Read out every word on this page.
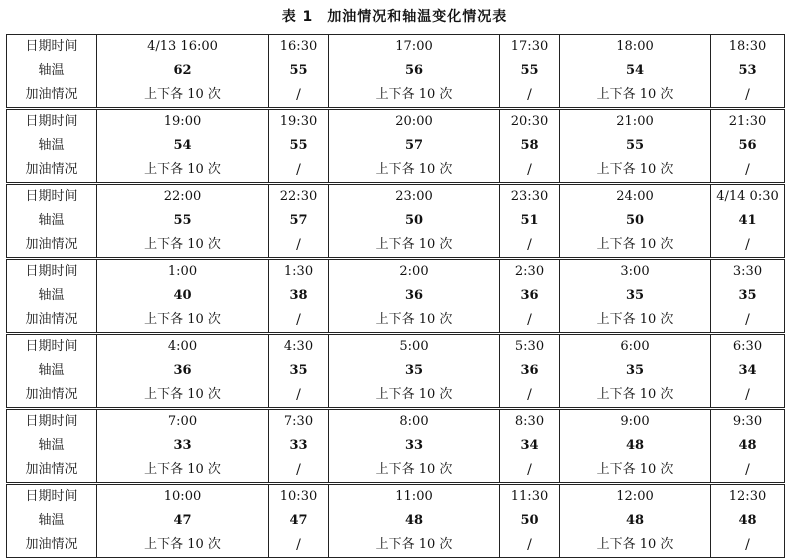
表 1 加油情况和轴温变化情况表
日期时间	4/13 16:00	16:30	17:00	17:30	18:00	18:30
轴温	62	55	56	55	54	53
加油情况	上下各 10 次	/	上下各 10 次	/	上下各 10 次	/
日期时间	19:00	19:30	20:00	20:30	21:00	21:30
轴温	54	55	57	58	55	56
加油情况	上下各 10 次	/	上下各 10 次	/	上下各 10 次	/
日期时间	22:00	22:30	23:00	23:30	24:00	4/14 0:30
轴温	55	57	50	51	50	41
加油情况	上下各 10 次	/	上下各 10 次	/	上下各 10 次	/
日期时间	1:00	1:30	2:00	2:30	3:00	3:30
轴温	40	38	36	36	35	35
加油情况	上下各 10 次	/	上下各 10 次	/	上下各 10 次	/
日期时间	4:00	4:30	5:00	5:30	6:00	6:30
轴温	36	35	35	36	35	34
加油情况	上下各 10 次	/	上下各 10 次	/	上下各 10 次	/
日期时间	7:00	7:30	8:00	8:30	9:00	9:30
轴温	33	33	33	34	48	48
加油情况	上下各 10 次	/	上下各 10 次	/	上下各 10 次	/
日期时间	10:00	10:30	11:00	11:30	12:00	12:30
轴温	47	47	48	50	48	48
加油情况	上下各 10 次	/	上下各 10 次	/	上下各 10 次	/
